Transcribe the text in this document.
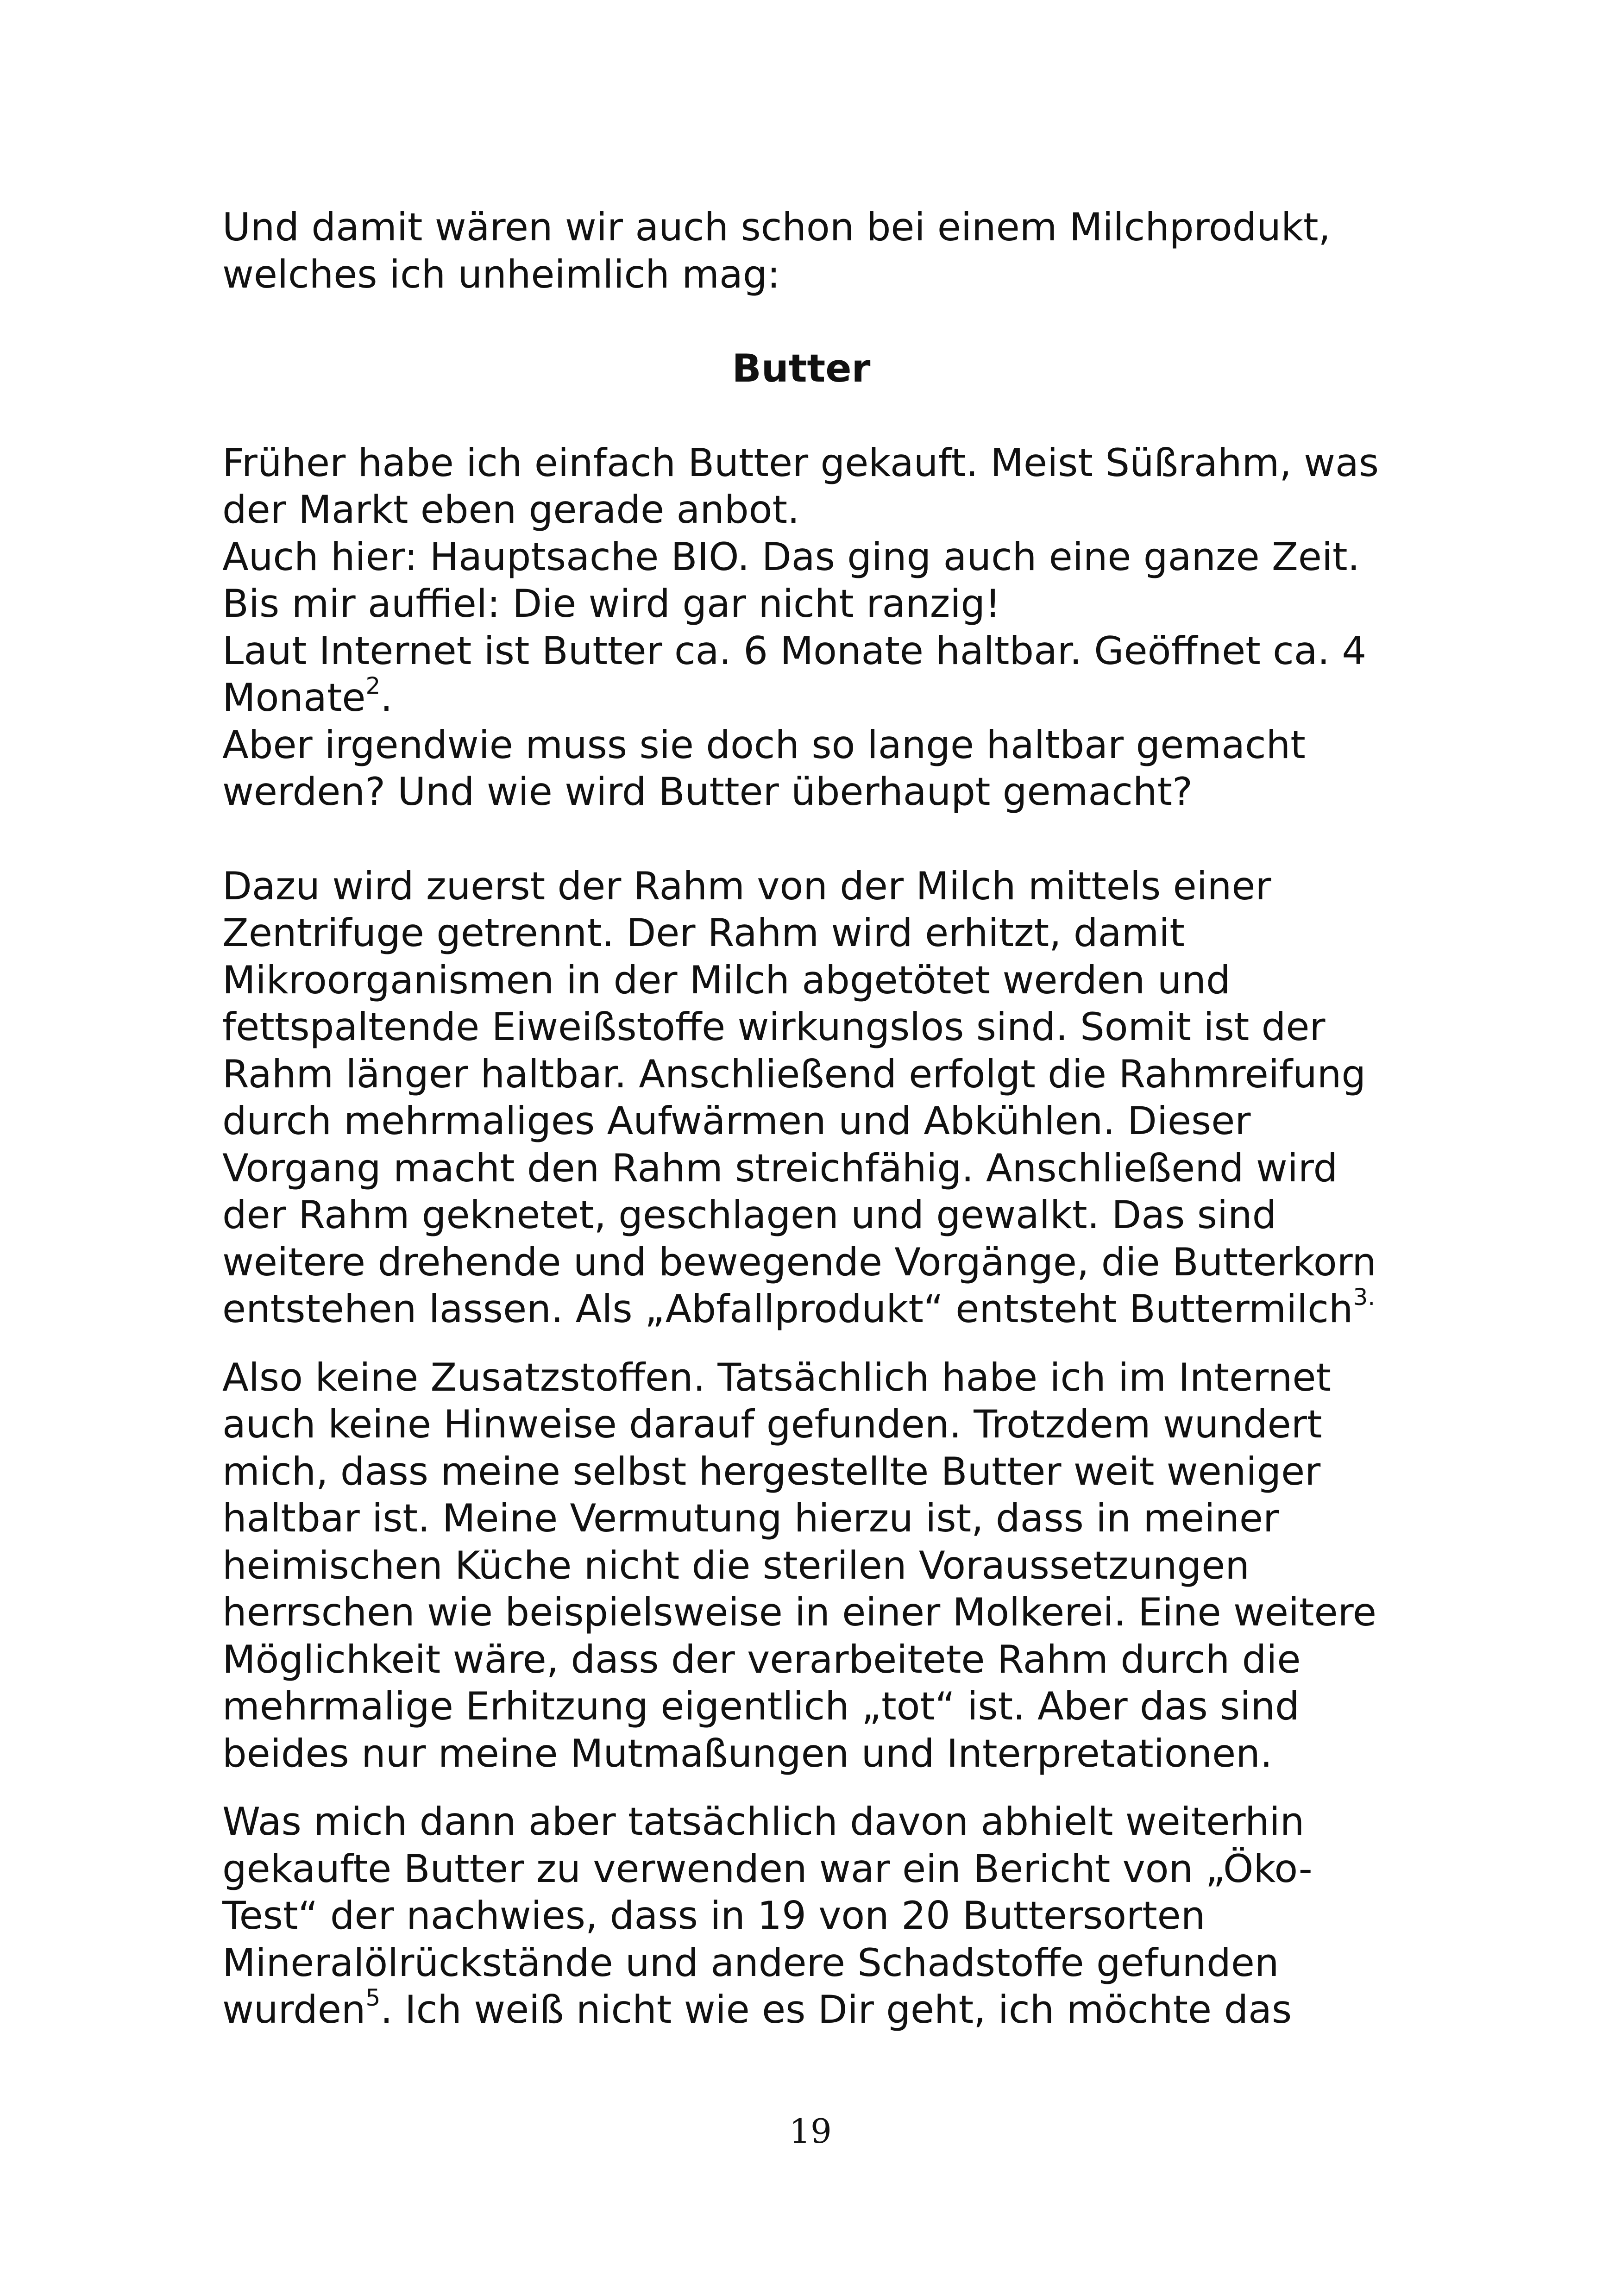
Und damit wären wir auch schon bei einem Milchprodukt,
welches ich unheimlich mag:
Butter
Früher habe ich einfach Butter gekauft. Meist Süßrahm, was
der Markt eben gerade anbot.
Auch hier: Hauptsache BIO. Das ging auch eine ganze Zeit.
Bis mir auffiel: Die wird gar nicht ranzig!
Laut Internet ist Butter ca. 6 Monate haltbar. Geöffnet ca. 4
Monate$^2$.
Aber irgendwie muss sie doch so lange haltbar gemacht
werden? Und wie wird Butter überhaupt gemacht?
Dazu wird zuerst der Rahm von der Milch mittels einer
Zentrifuge getrennt. Der Rahm wird erhitzt, damit
Mikroorganismen in der Milch abgetötet werden und
fettspaltende Eiweißstoffe wirkungslos sind. Somit ist der
Rahm länger haltbar. Anschließend erfolgt die Rahmreifung
durch mehrmaliges Aufwärmen und Abkühlen. Dieser
Vorgang macht den Rahm streichfähig. Anschließend wird
der Rahm geknetet, geschlagen und gewalkt. Das sind
weitere drehende und bewegende Vorgänge, die Butterkorn
entstehen lassen. Als „Abfallprodukt“ entsteht Buttermilch$^{3.}$
Also keine Zusatzstoffen. Tatsächlich habe ich im Internet
auch keine Hinweise darauf gefunden. Trotzdem wundert
mich, dass meine selbst hergestellte Butter weit weniger
haltbar ist. Meine Vermutung hierzu ist, dass in meiner
heimischen Küche nicht die sterilen Voraussetzungen
herrschen wie beispielsweise in einer Molkerei. Eine weitere
Möglichkeit wäre, dass der verarbeitete Rahm durch die
mehrmalige Erhitzung eigentlich „tot“ ist. Aber das sind
beides nur meine Mutmaßungen und Interpretationen.
Was mich dann aber tatsächlich davon abhielt weiterhin
gekaufte Butter zu verwenden war ein Bericht von „Öko-
Test“ der nachwies, dass in 19 von 20 Buttersorten
Mineralölrückstände und andere Schadstoffe gefunden
wurden$^5$. Ich weiß nicht wie es Dir geht, ich möchte das
19
